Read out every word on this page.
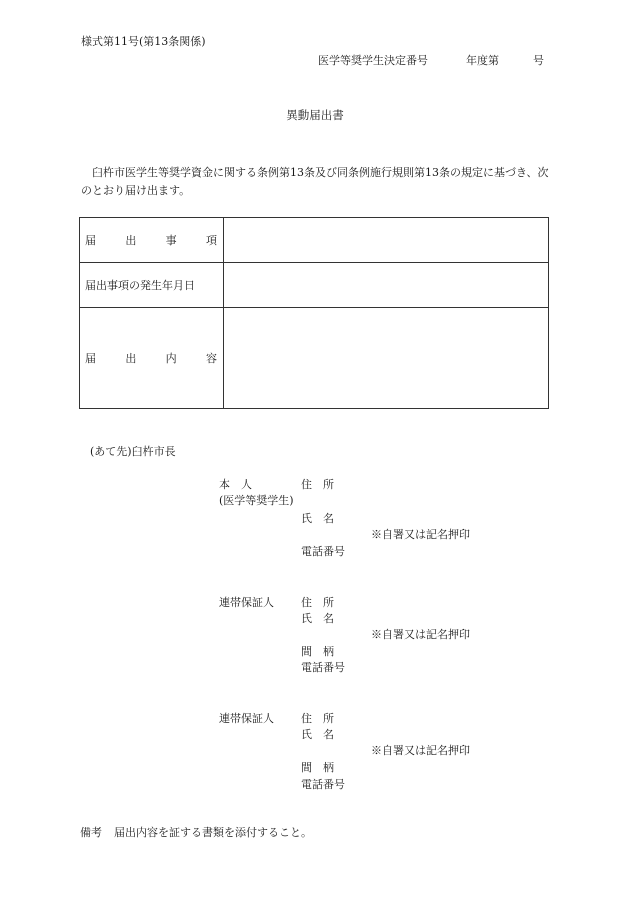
様式第11号(第13条関係)
医学等奨学生決定番号	年度第	号
異動届出書
臼杵市医学生等奨学資金に関する条例第13条及び同条例施行規則第13条の規定に基づき、次のとおり届け出ます。
届 出 事 項	

届出事項の発生年月日	

届 出 内 容	

(あて先)臼杵市長
本　人
(医学等奨学生)
住　所
氏　名
※自署又は記名押印
電話番号
連帯保証人 住　所
氏　名
※自署又は記名押印
間　柄
電話番号
連帯保証人 住　所
氏　名
※自署又は記名押印
間　柄
電話番号
備考 届出内容を証する書類を添付すること。
